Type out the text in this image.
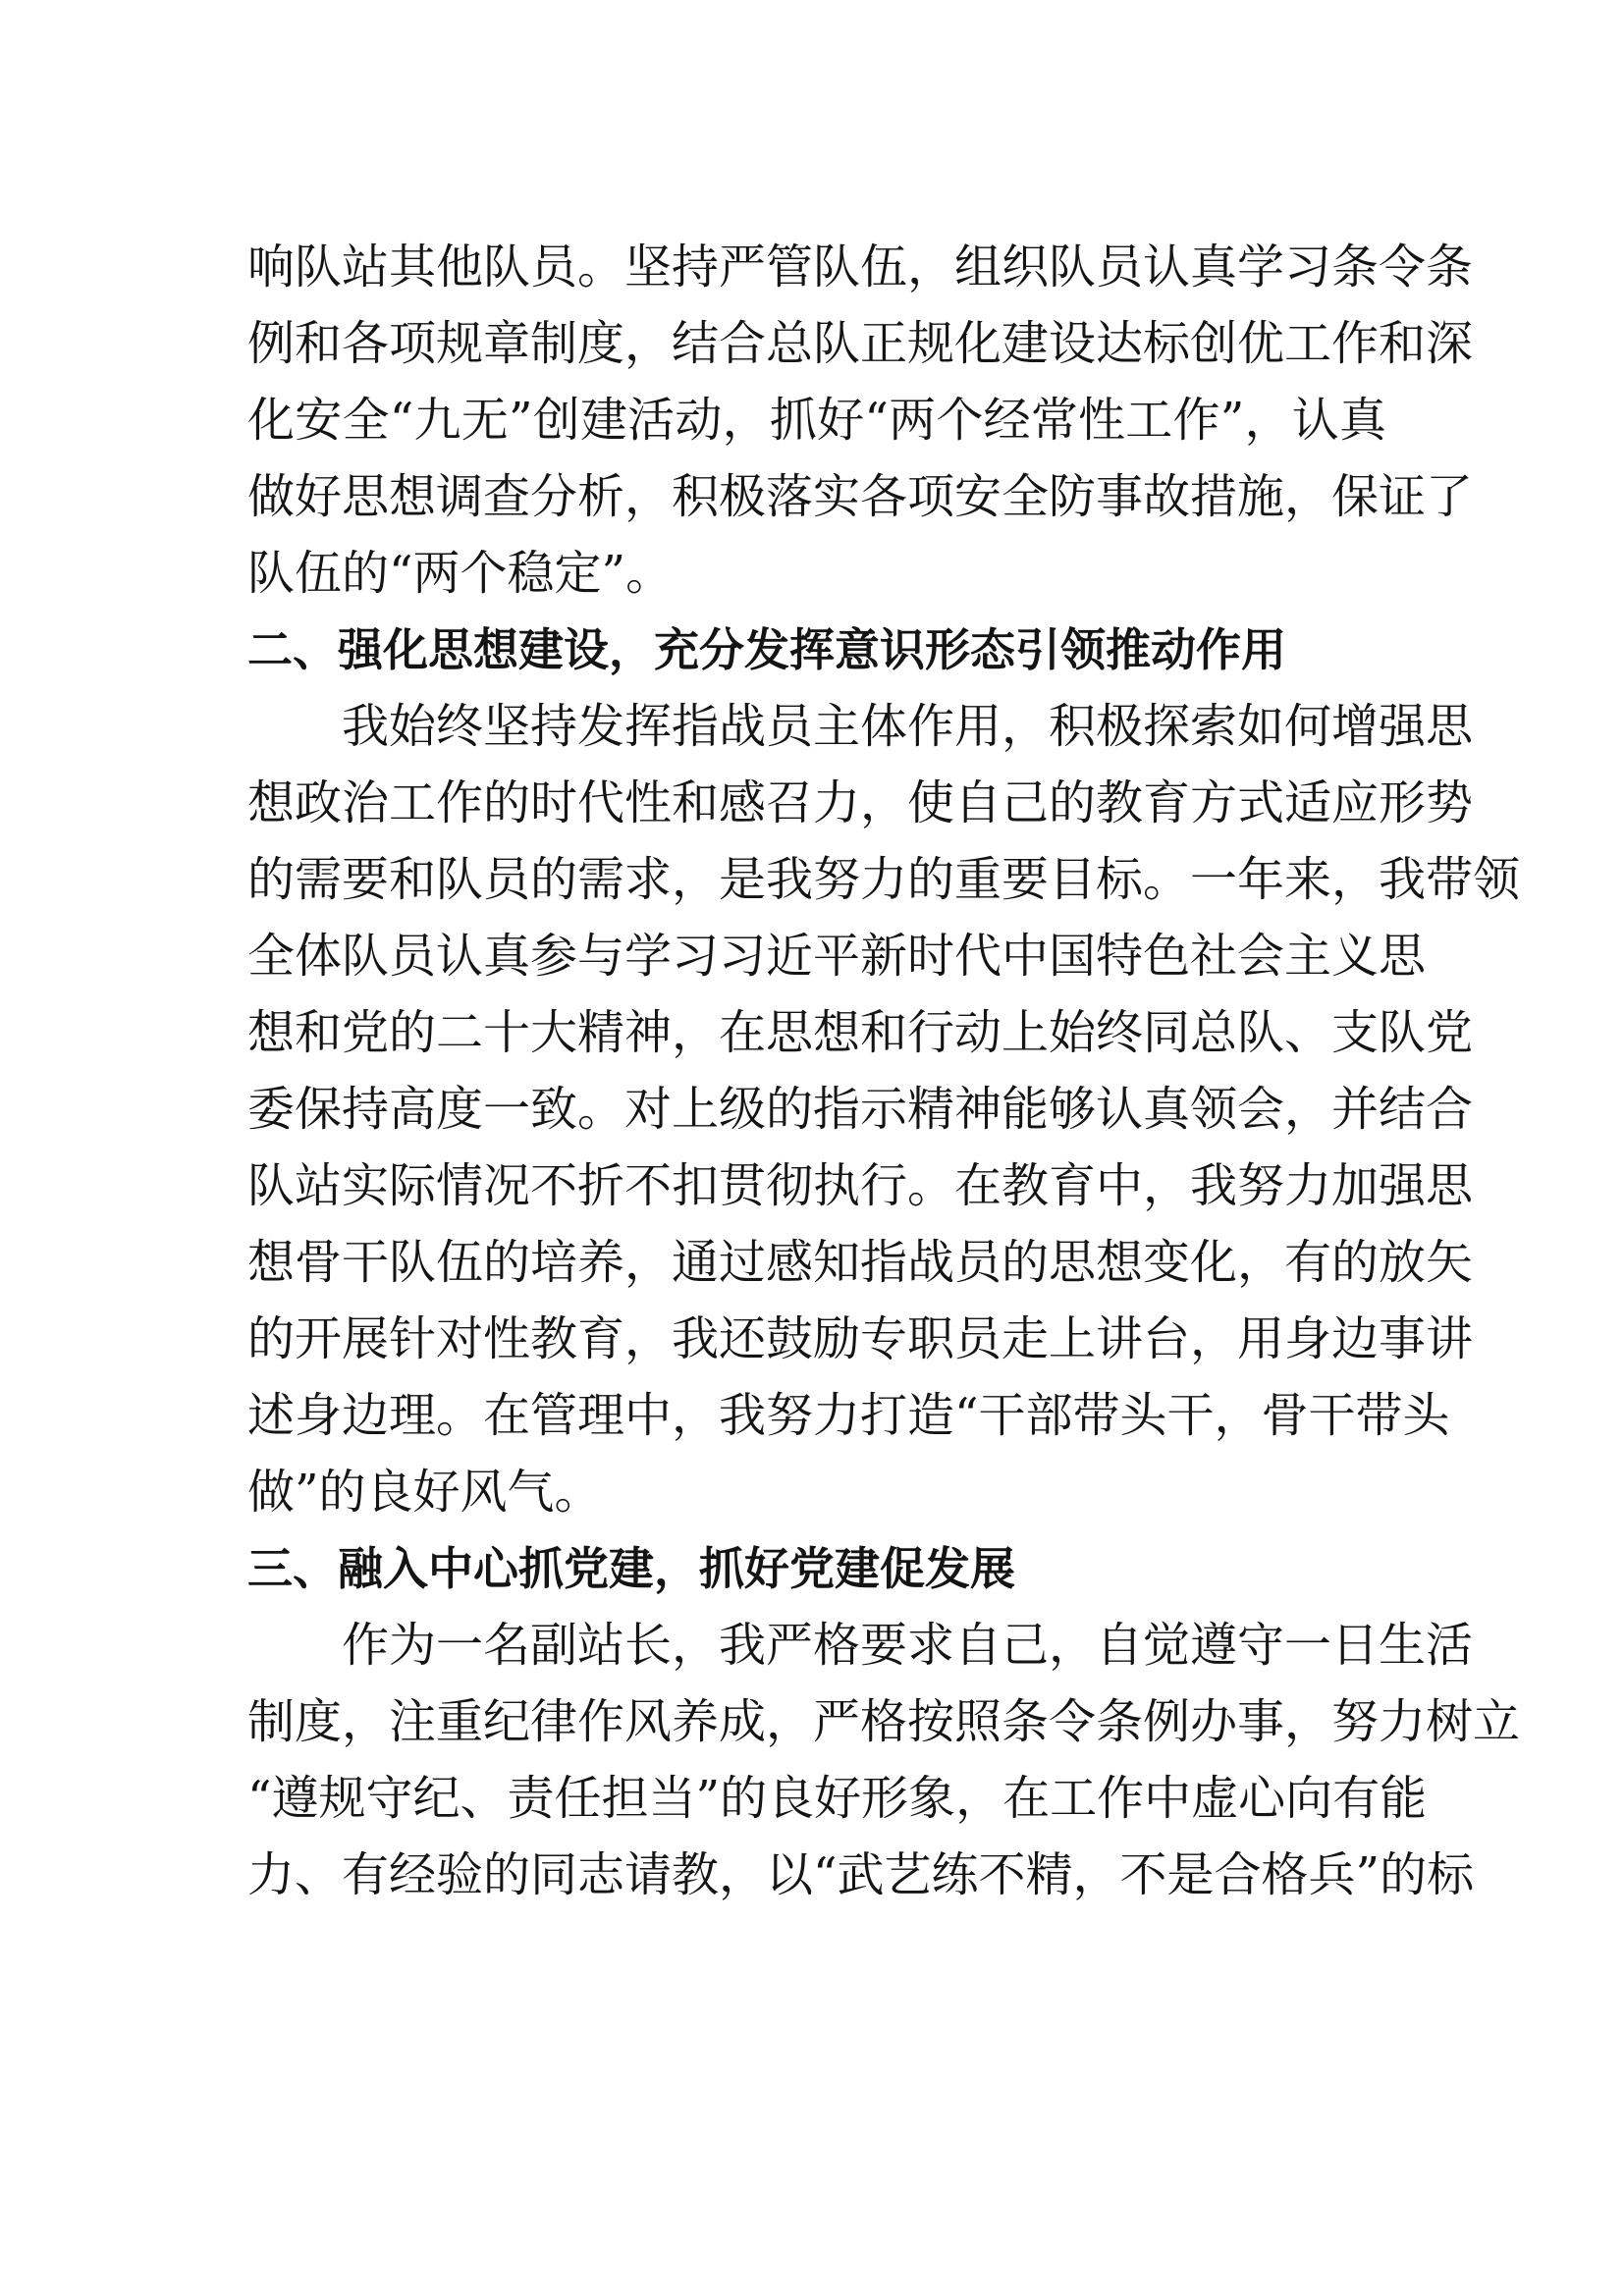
响队站其他队员。坚持严管队伍，组织队员认真学习条令条
例和各项规章制度，结合总队正规化建设达标创优工作和深
化安全“九无”创建活动，抓好“两个经常性工作”，认真
做好思想调查分析，积极落实各项安全防事故措施，保证了
队伍的“两个稳定”。
二、强化思想建设，充分发挥意识形态引领推动作用
我始终坚持发挥指战员主体作用，积极探索如何增强思
想政治工作的时代性和感召力，使自己的教育方式适应形势
的需要和队员的需求，是我努力的重要目标。一年来，我带领
全体队员认真参与学习习近平新时代中国特色社会主义思
想和党的二十大精神，在思想和行动上始终同总队、支队党
委保持高度一致。对上级的指示精神能够认真领会，并结合
队站实际情况不折不扣贯彻执行。在教育中，我努力加强思
想骨干队伍的培养，通过感知指战员的思想变化，有的放矢
的开展针对性教育，我还鼓励专职员走上讲台，用身边事讲
述身边理。在管理中，我努力打造“干部带头干，骨干带头
做”的良好风气。
三、融入中心抓党建，抓好党建促发展
作为一名副站长，我严格要求自己，自觉遵守一日生活
制度，注重纪律作风养成，严格按照条令条例办事，努力树立
“遵规守纪、责任担当”的良好形象，在工作中虚心向有能
力、有经验的同志请教，以“武艺练不精，不是合格兵”的标
